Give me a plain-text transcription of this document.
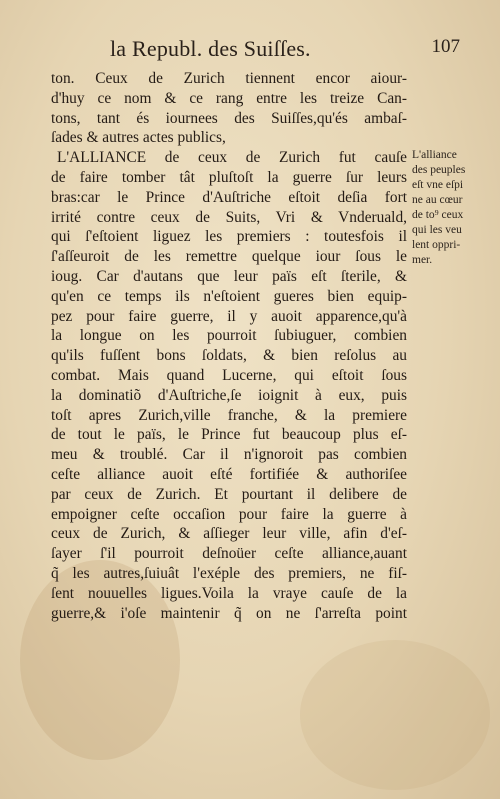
la Republ. des Suiſſes.	107
ton. Ceux de Zurich tiennent encor aiour-
d'huy ce nom & ce rang entre les treize Can-
tons, tant és iournees des Suiſſes,qu'és ambaſ-
ſades & autres actes publics,
L'ALLIANCE de ceux de Zurich fut cauſe
de faire tomber tât pluſtoſt la guerre ſur leurs
bras:car le Prince d'Auſtriche eſtoit deſia fort
irrité contre ceux de Suits, Vri & Vnderuald,
qui ſ'eſtoient liguez les premiers : toutesfois il
ſ'aſſeuroit de les remettre quelque iour ſous le
ioug. Car d'autans que leur païs eſt ſterile, &
qu'en ce temps ils n'eſtoient gueres bien equip-
pez pour faire guerre, il y auoit apparence,qu'à
la longue on les pourroit ſubiuguer, combien
qu'ils fuſſent bons ſoldats, & bien reſolus au
combat. Mais quand Lucerne, qui eſtoit ſous
la dominatiõ d'Auſtriche,ſe ioignit à eux, puis
toſt apres Zurich,ville franche, & la premiere
de tout le païs, le Prince fut beaucoup plus eſ-
meu & troublé. Car il n'ignoroit pas combien
ceſte alliance auoit eſté fortifiée & authoriſee
par ceux de Zurich. Et pourtant il delibere de
empoigner ceſte occaſion pour faire la guerre à
ceux de Zurich, & aſſieger leur ville, afin d'eſ-
ſayer ſ'il pourroit deſnoüer ceſte alliance,auant
q̃ les autres,ſuiuât l'exéple des premiers, ne fiſ-
ſent nouuelles ligues.Voila la vraye cauſe de la
guerre,& i'oſe maintenir q̃ on ne ſ'arreſta point
L'alliance
des peuples
eſt vne eſpi
ne au cœur
de to⁹ ceux
qui les veu
lent oppri-
mer.
